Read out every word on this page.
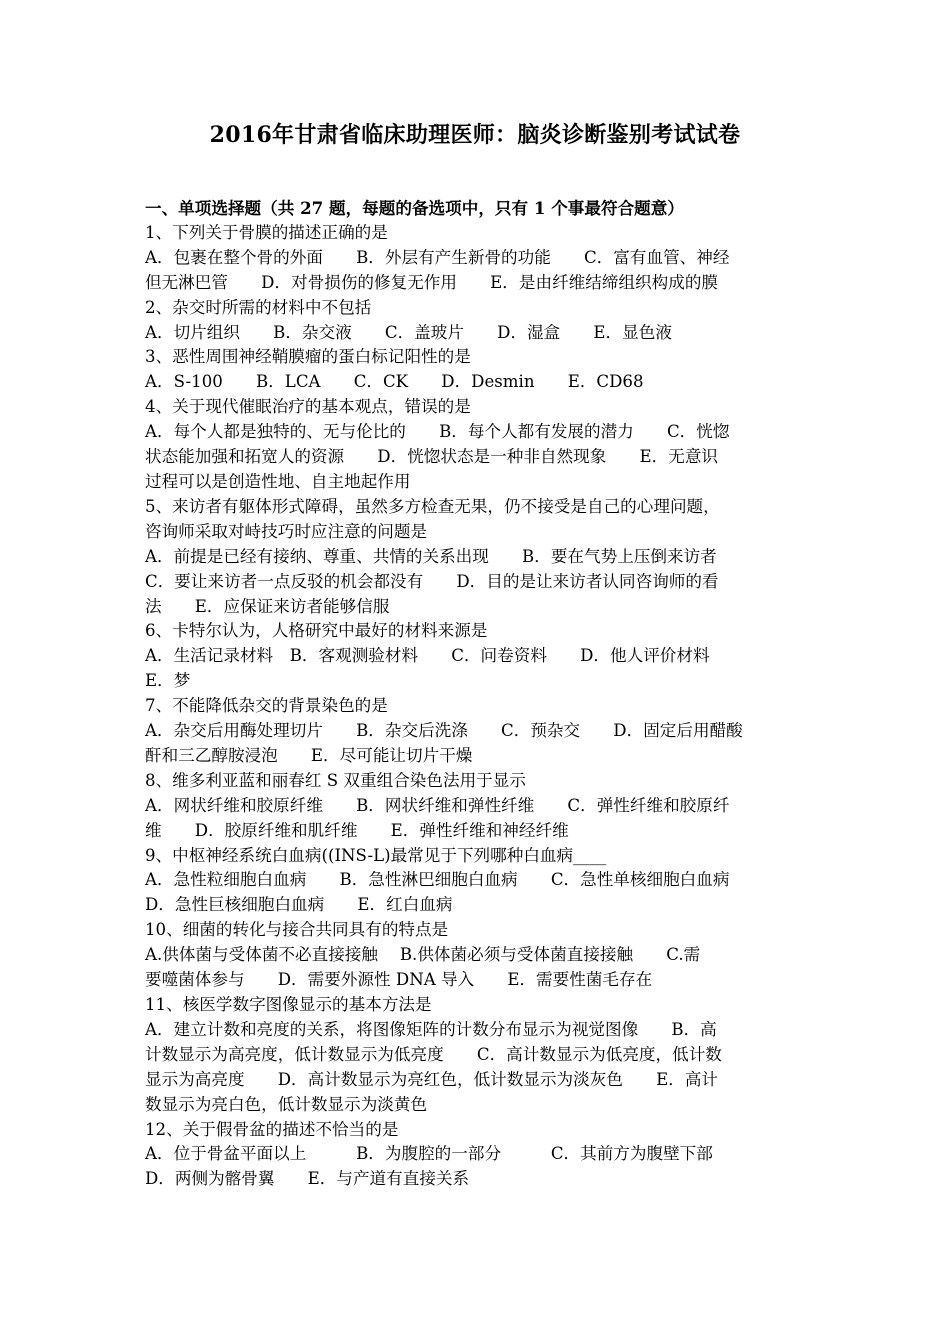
2016年甘肃省临床助理医师：脑炎诊断鉴别考试试卷
一、单项选择题（共 27 题，每题的备选项中，只有 1 个事最符合题意）
1、下列关于骨膜的描述正确的是
A．包裹在整个骨的外面　　B．外层有产生新骨的功能　　C．富有血管、神经
但无淋巴管　　D．对骨损伤的修复无作用　　E．是由纤维结缔组织构成的膜
2、杂交时所需的材料中不包括
A．切片组织　　B．杂交液　　C．盖玻片　　D．湿盒　　E．显色液
3、恶性周围神经鞘膜瘤的蛋白标记阳性的是
A．S-100　　B．LCA　　C．CK　　D．Desmin　　E．CD68
4、关于现代催眠治疗的基本观点，错误的是
A．每个人都是独特的、无与伦比的　　B．每个人都有发展的潜力　　C．恍惚
状态能加强和拓宽人的资源　　D．恍惚状态是一种非自然现象　　E．无意识
过程可以是创造性地、自主地起作用
5、来访者有躯体形式障碍，虽然多方检查无果，仍不接受是自己的心理问题，
咨询师采取对峙技巧时应注意的问题是
A．前提是已经有接纳、尊重、共情的关系出现　　B．要在气势上压倒来访者
C．要让来访者一点反驳的机会都没有　　D．目的是让来访者认同咨询师的看
法　　E．应保证来访者能够信服
6、卡特尔认为，人格研究中最好的材料来源是
A．生活记录材料　B．客观测验材料　　C．问卷资料　　D．他人评价材料
E．梦
7、不能降低杂交的背景染色的是
A．杂交后用酶处理切片　　B．杂交后洗涤　　C．预杂交　　D．固定后用醋酸
酐和三乙醇胺浸泡　　E．尽可能让切片干燥
8、维多利亚蓝和丽春红 S 双重组合染色法用于显示
A．网状纤维和胶原纤维　　B．网状纤维和弹性纤维　　C．弹性纤维和胶原纤
维　　D．胶原纤维和肌纤维　　E．弹性纤维和神经纤维
9、中枢神经系统白血病((INS-L)最常见于下列哪种白血病____
A．急性粒细胞白血病　　B．急性淋巴细胞白血病　　C．急性单核细胞白血病
D．急性巨核细胞白血病　　E．红白血病
10、细菌的转化与接合共同具有的特点是
A.供体菌与受体菌不必直接接触　 B.供体菌必须与受体菌直接接触　　C.需
要噬菌体参与　　D．需要外源性 DNA 导入　　E．需要性菌毛存在
11、核医学数字图像显示的基本方法是
A．建立计数和亮度的关系，将图像矩阵的计数分布显示为视觉图像　　B．高
计数显示为高亮度，低计数显示为低亮度　　C．高计数显示为低亮度，低计数
显示为高亮度　　D．高计数显示为亮红色，低计数显示为淡灰色　　E．高计
数显示为亮白色，低计数显示为淡黄色
12、关于假骨盆的描述不恰当的是
A．位于骨盆平面以上　　　B．为腹腔的一部分　　　C．其前方为腹壁下部
D．两侧为髂骨翼　　E．与产道有直接关系
